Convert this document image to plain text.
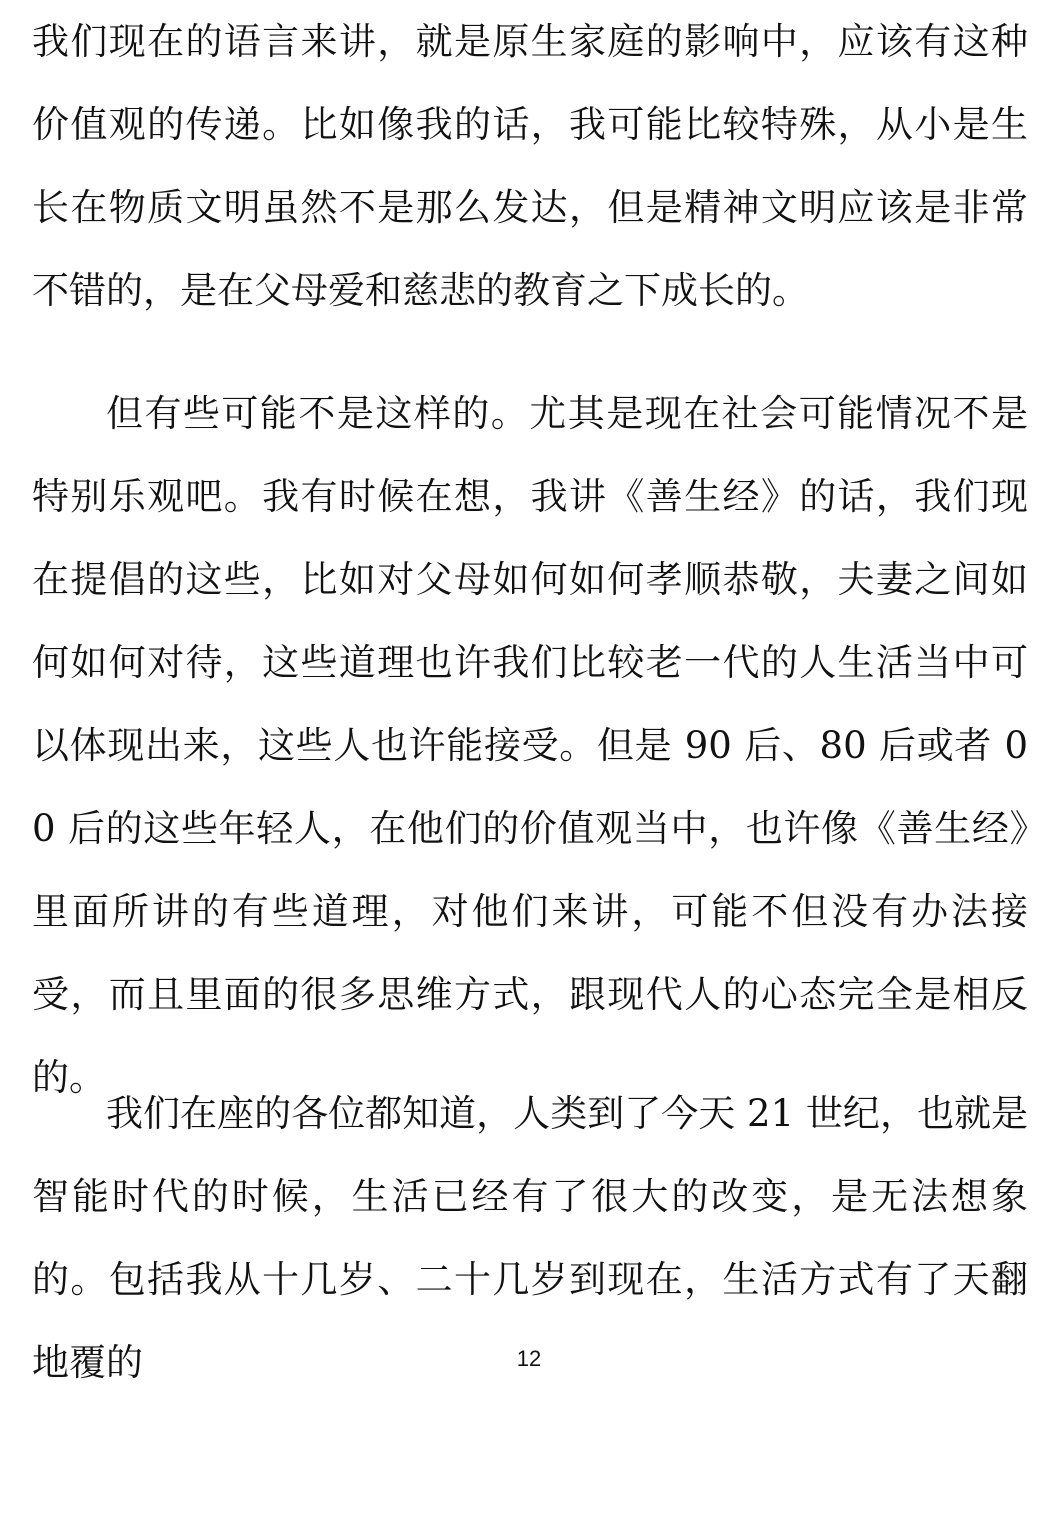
我们现在的语言来讲，就是原生家庭的影响中，应该有这种价值观的传递。比如像我的话，我可能比较特殊，从小是生长在物质文明虽然不是那么发达，但是精神文明应该是非常不错的，是在父母爱和慈悲的教育之下成长的。

但有些可能不是这样的。尤其是现在社会可能情况不是特别乐观吧。我有时候在想，我讲《善生经》的话，我们现在提倡的这些，比如对父母如何如何孝顺恭敬，夫妻之间如何如何对待，这些道理也许我们比较老一代的人生活当中可以体现出来，这些人也许能接受。但是 90 后、80 后或者 00 后的这些年轻人，在他们的价值观当中，也许像《善生经》里面所讲的有些道理，对他们来讲，可能不但没有办法接受，而且里面的很多思维方式，跟现代人的心态完全是相反的。

我们在座的各位都知道，人类到了今天 21 世纪，也就是智能时代的时候，生活已经有了很大的改变，是无法想象的。包括我从十几岁、二十几岁到现在，生活方式有了天翻地覆的	12
